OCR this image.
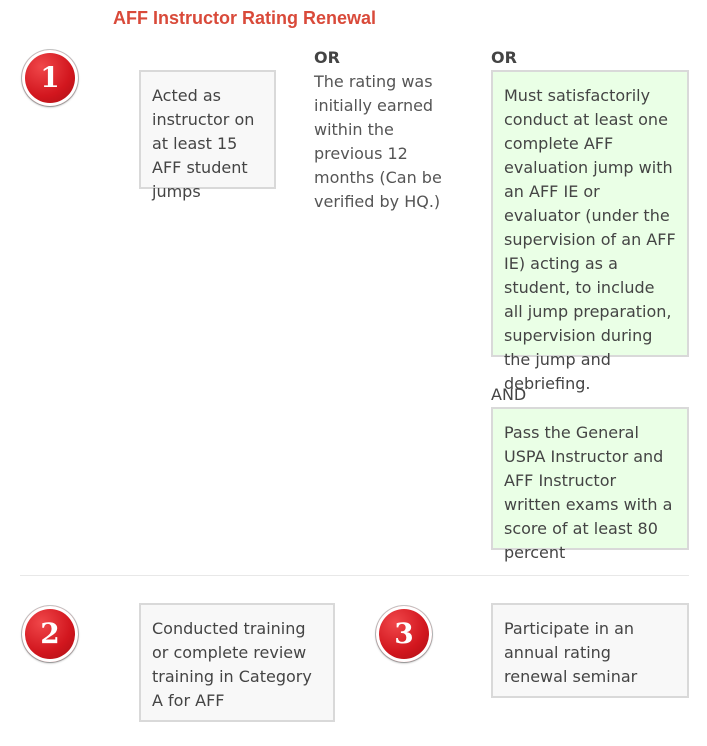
AFF Instructor Rating Renewal
1
Acted as instructor on at least 15 AFF student jumps
OR
The rating was initially earned within the previous 12 months (Can be verified by HQ.)
OR
Must satisfactorily conduct at least one complete AFF evaluation jump with an AFF IE or evaluator (under the supervision of an AFF IE) acting as a student, to include all jump preparation, supervision during the jump and debriefing.
AND
Pass the General USPA Instructor and AFF Instructor written exams with a score of at least 80 percent
2	Conducted training or complete review training in Category A for AFF
3	Participate in an annual rating renewal seminar
